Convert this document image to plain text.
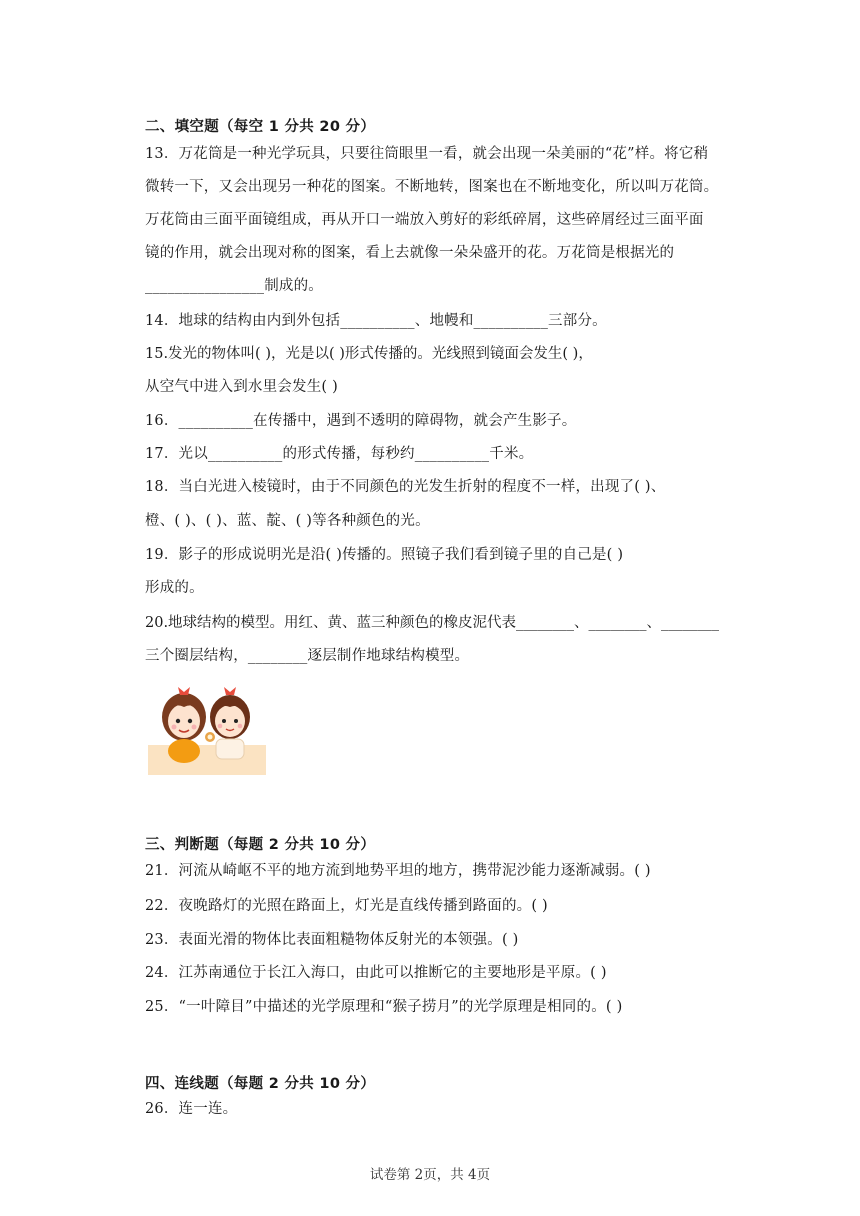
二、填空题（每空 1 分共 20 分）
13．万花筒是一种光学玩具，只要往筒眼里一看，就会出现一朵美丽的“花”样。将它稍
微转一下，又会出现另一种花的图案。不断地转，图案也在不断地变化，所以叫万花筒。
万花筒由三面平面镜组成，再从开口一端放入剪好的彩纸碎屑，这些碎屑经过三面平面
镜的作用，就会出现对称的图案，看上去就像一朵朵盛开的花。万花筒是根据光的
________________制成的。
14．地球的结构由内到外包括__________、地幔和__________三部分。
15.发光的物体叫( )，光是以( )形式传播的。光线照到镜面会发生( )，
从空气中进入到水里会发生( )
16．__________在传播中，遇到不透明的障碍物，就会产生影子。
17．光以__________的形式传播，每秒约__________千米。
18．当白光进入棱镜时，由于不同颜色的光发生折射的程度不一样，出现了( )、
橙、( )、( )、蓝、靛、( )等各种颜色的光。
19．影子的形成说明光是沿( )传播的。照镜子我们看到镜子里的自己是( )
形成的。
20.地球结构的模型。用红、黄、蓝三种颜色的橡皮泥代表________、________、________
三个圈层结构，________逐层制作地球结构模型。
三、判断题（每题 2 分共 10 分）
21．河流从崎岖不平的地方流到地势平坦的地方，携带泥沙能力逐渐减弱。( )
22．夜晚路灯的光照在路面上，灯光是直线传播到路面的。( )
23．表面光滑的物体比表面粗糙物体反射光的本领强。( )
24．江苏南通位于长江入海口，由此可以推断它的主要地形是平原。( )
25．“一叶障目”中描述的光学原理和“猴子捞月”的光学原理是相同的。( )
四、连线题（每题 2 分共 10 分）
26．连一连。
试卷第 2页，共 4页
